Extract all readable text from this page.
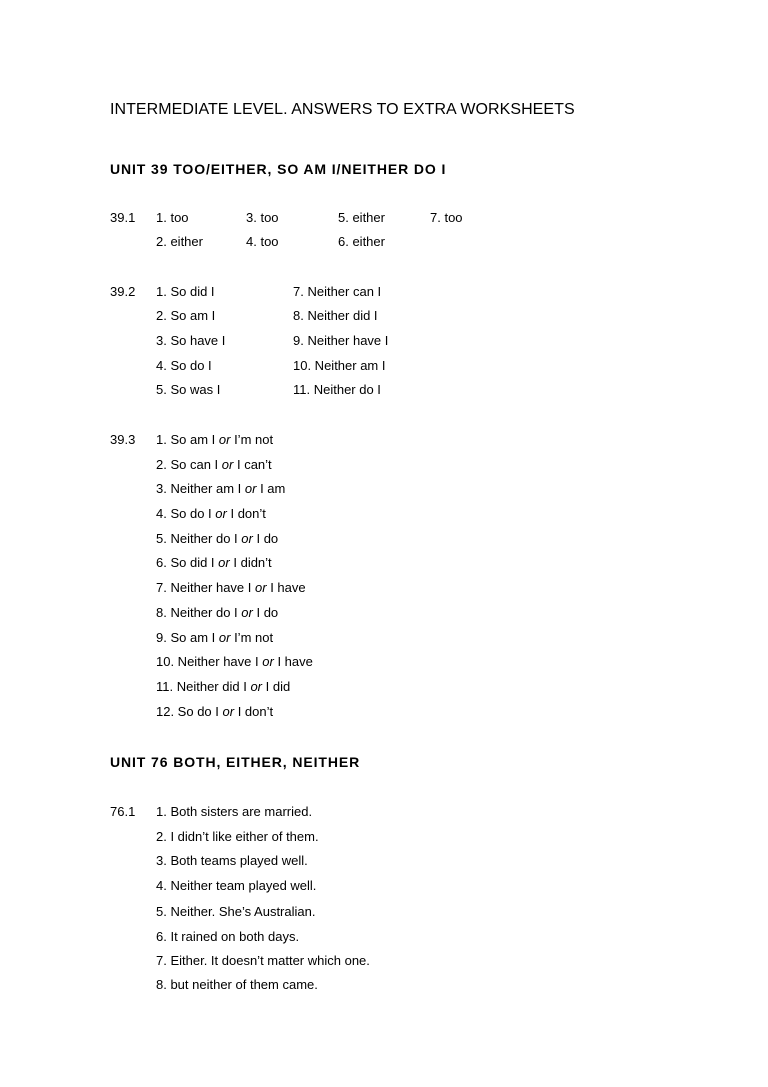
INTERMEDIATE LEVEL. ANSWERS TO EXTRA WORKSHEETS
UNIT 39 TOO/EITHER, SO AM I/NEITHER DO I
39.1 1. too
2. either
3. too
4. too
5. either
6. either
7. too
39.2 1. So did I
2. So am I
3. So have I
4. So do I
5. So was I
7. Neither can I
8. Neither did I
9. Neither have I
10. Neither am I
11. Neither do I
39.3 1. So am I or I’m not
2. So can I or I can’t
3. Neither am I or I am
4. So do I or I don’t
5. Neither do I or I do
6. So did I or I didn’t
7. Neither have I or I have
8. Neither do I or I do
9. So am I or I’m not
10. Neither have I or I have
11. Neither did I or I did
12. So do I or I don’t
UNIT 76 BOTH, EITHER, NEITHER
76.1 1. Both sisters are married.
2. I didn’t like either of them.
3. Both teams played well.
4. Neither team played well.
5. Neither. She’s Australian.
6. It rained on both days.
7. Either. It doesn’t matter which one.
8. but neither of them came.
